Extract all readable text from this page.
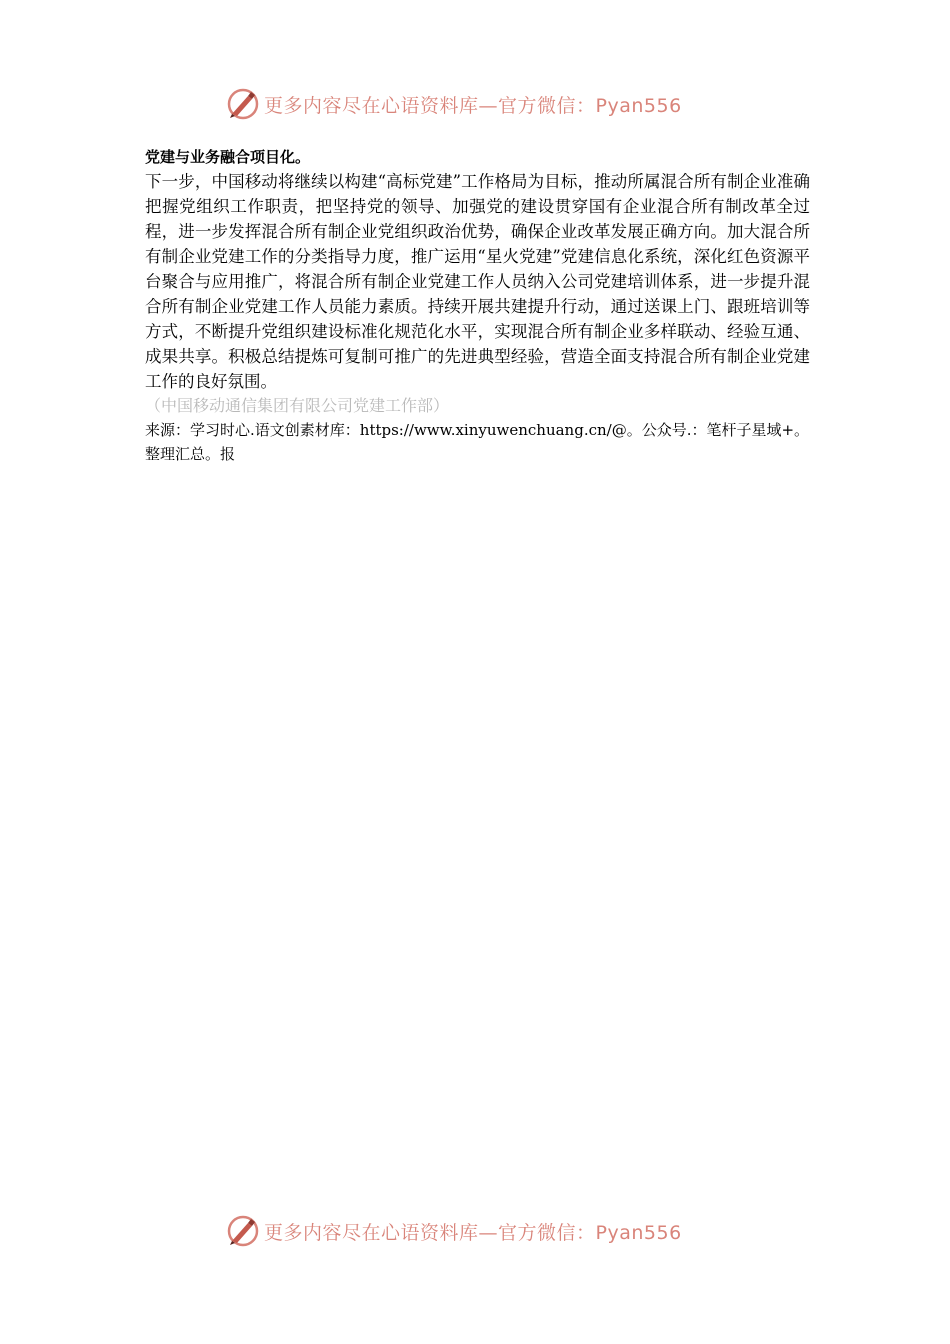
更多内容尽在心语资料库—官方微信：Pyan556

党建与业务融合项目化。

下一步，中国移动将继续以构建“高标党建”工作格局为目标，推动所属混合所有制企业准确把握党组织工作职责，把坚持党的领导、加强党的建设贯穿国有企业混合所有制改革全过程，进一步发挥混合所有制企业党组织政治优势，确保企业改革发展正确方向。加大混合所有制企业党建工作的分类指导力度，推广运用“星火党建”党建信息化系统，深化红色资源平台聚合与应用推广，将混合所有制企业党建工作人员纳入公司党建培训体系，进一步提升混合所有制企业党建工作人员能力素质。持续开展共建提升行动，通过送课上门、跟班培训等方式，不断提升党组织建设标准化规范化水平，实现混合所有制企业多样联动、经验互通、成果共享。积极总结提炼可复制可推广的先进典型经验，营造全面支持混合所有制企业党建工作的良好氛围。

（中国移动通信集团有限公司党建工作部）

来源：学习时心.语文创素材库：https://www.xinyuwenchuang.cn/@。公众号.：笔杆子星域+。整理汇总。报

更多内容尽在心语资料库—官方微信：Pyan556
